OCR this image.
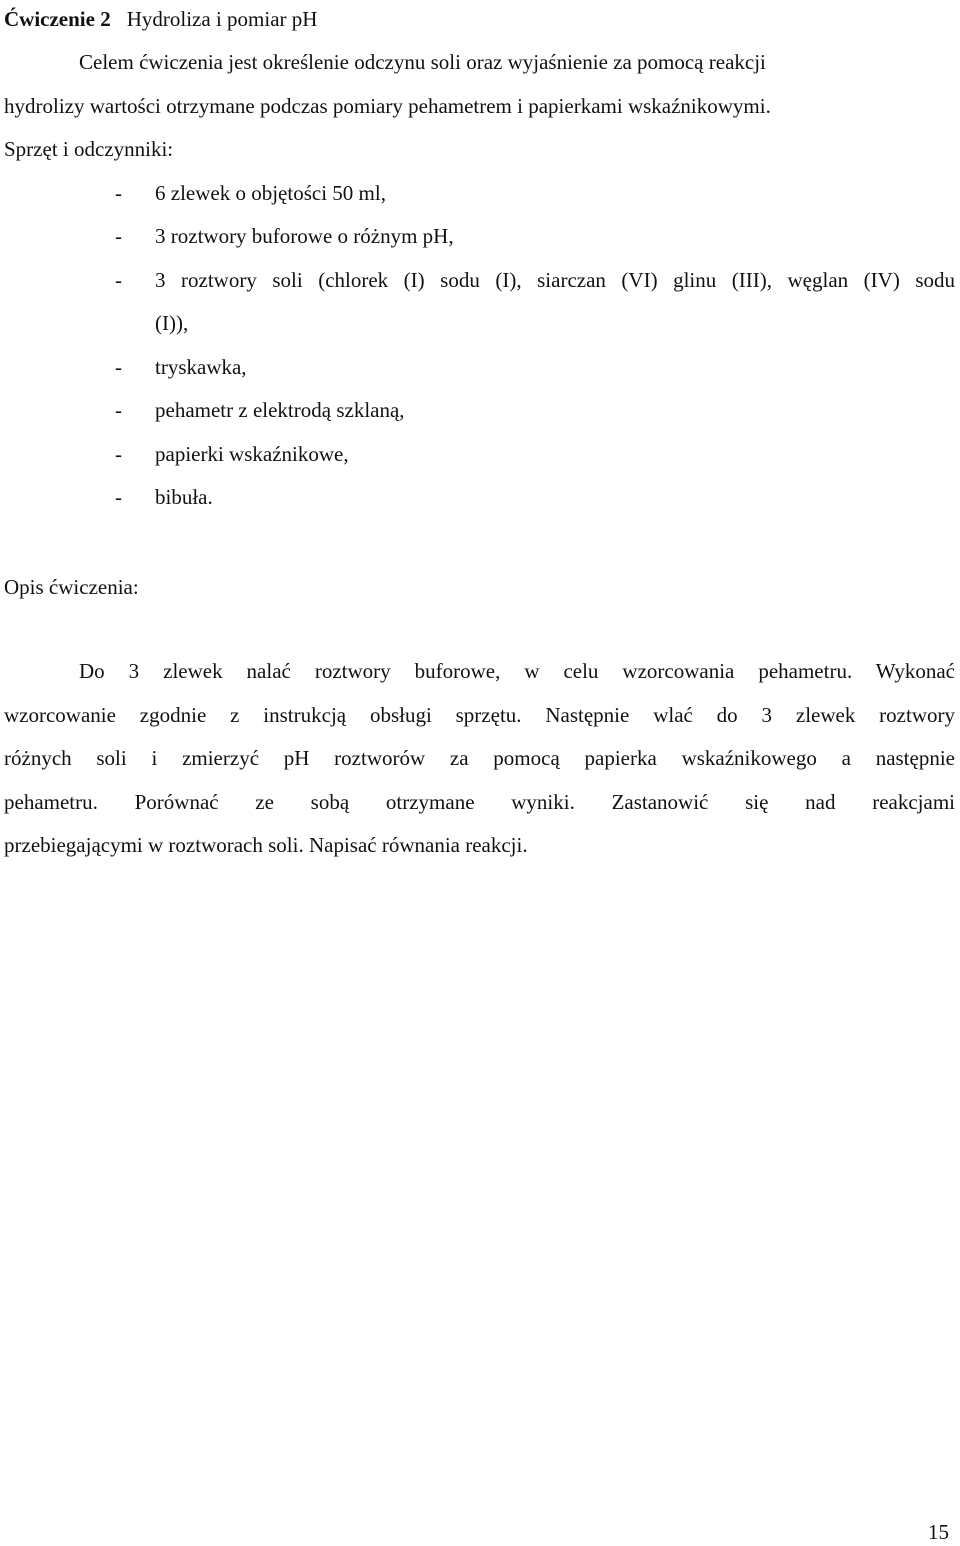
Ćwiczenie 2 Hydroliza i pomiar pH
Celem ćwiczenia jest określenie odczynu soli oraz wyjaśnienie za pomocą reakcji
hydrolizy wartości otrzymane podczas pomiary pehametrem i papierkami wskaźnikowymi.
Sprzęt i odczynniki:
- 6 zlewek o objętości 50 ml,
- 3 roztwory buforowe o różnym pH,
- 3 roztwory soli (chlorek (I) sodu (I), siarczan (VI) glinu (III), węglan (IV) sodu
(I)),
- tryskawka,
- pehametr z elektrodą szklaną,
- papierki wskaźnikowe,
- bibuła.
Opis ćwiczenia:
Do 3 zlewek nalać roztwory buforowe, w celu wzorcowania pehametru. Wykonać
wzorcowanie zgodnie z instrukcją obsługi sprzętu. Następnie wlać do 3 zlewek roztwory
różnych soli i zmierzyć pH roztworów za pomocą papierka wskaźnikowego a następnie
pehametru. Porównać ze sobą otrzymane wyniki. Zastanowić się nad reakcjami
przebiegającymi w roztworach soli. Napisać równania reakcji.
15
